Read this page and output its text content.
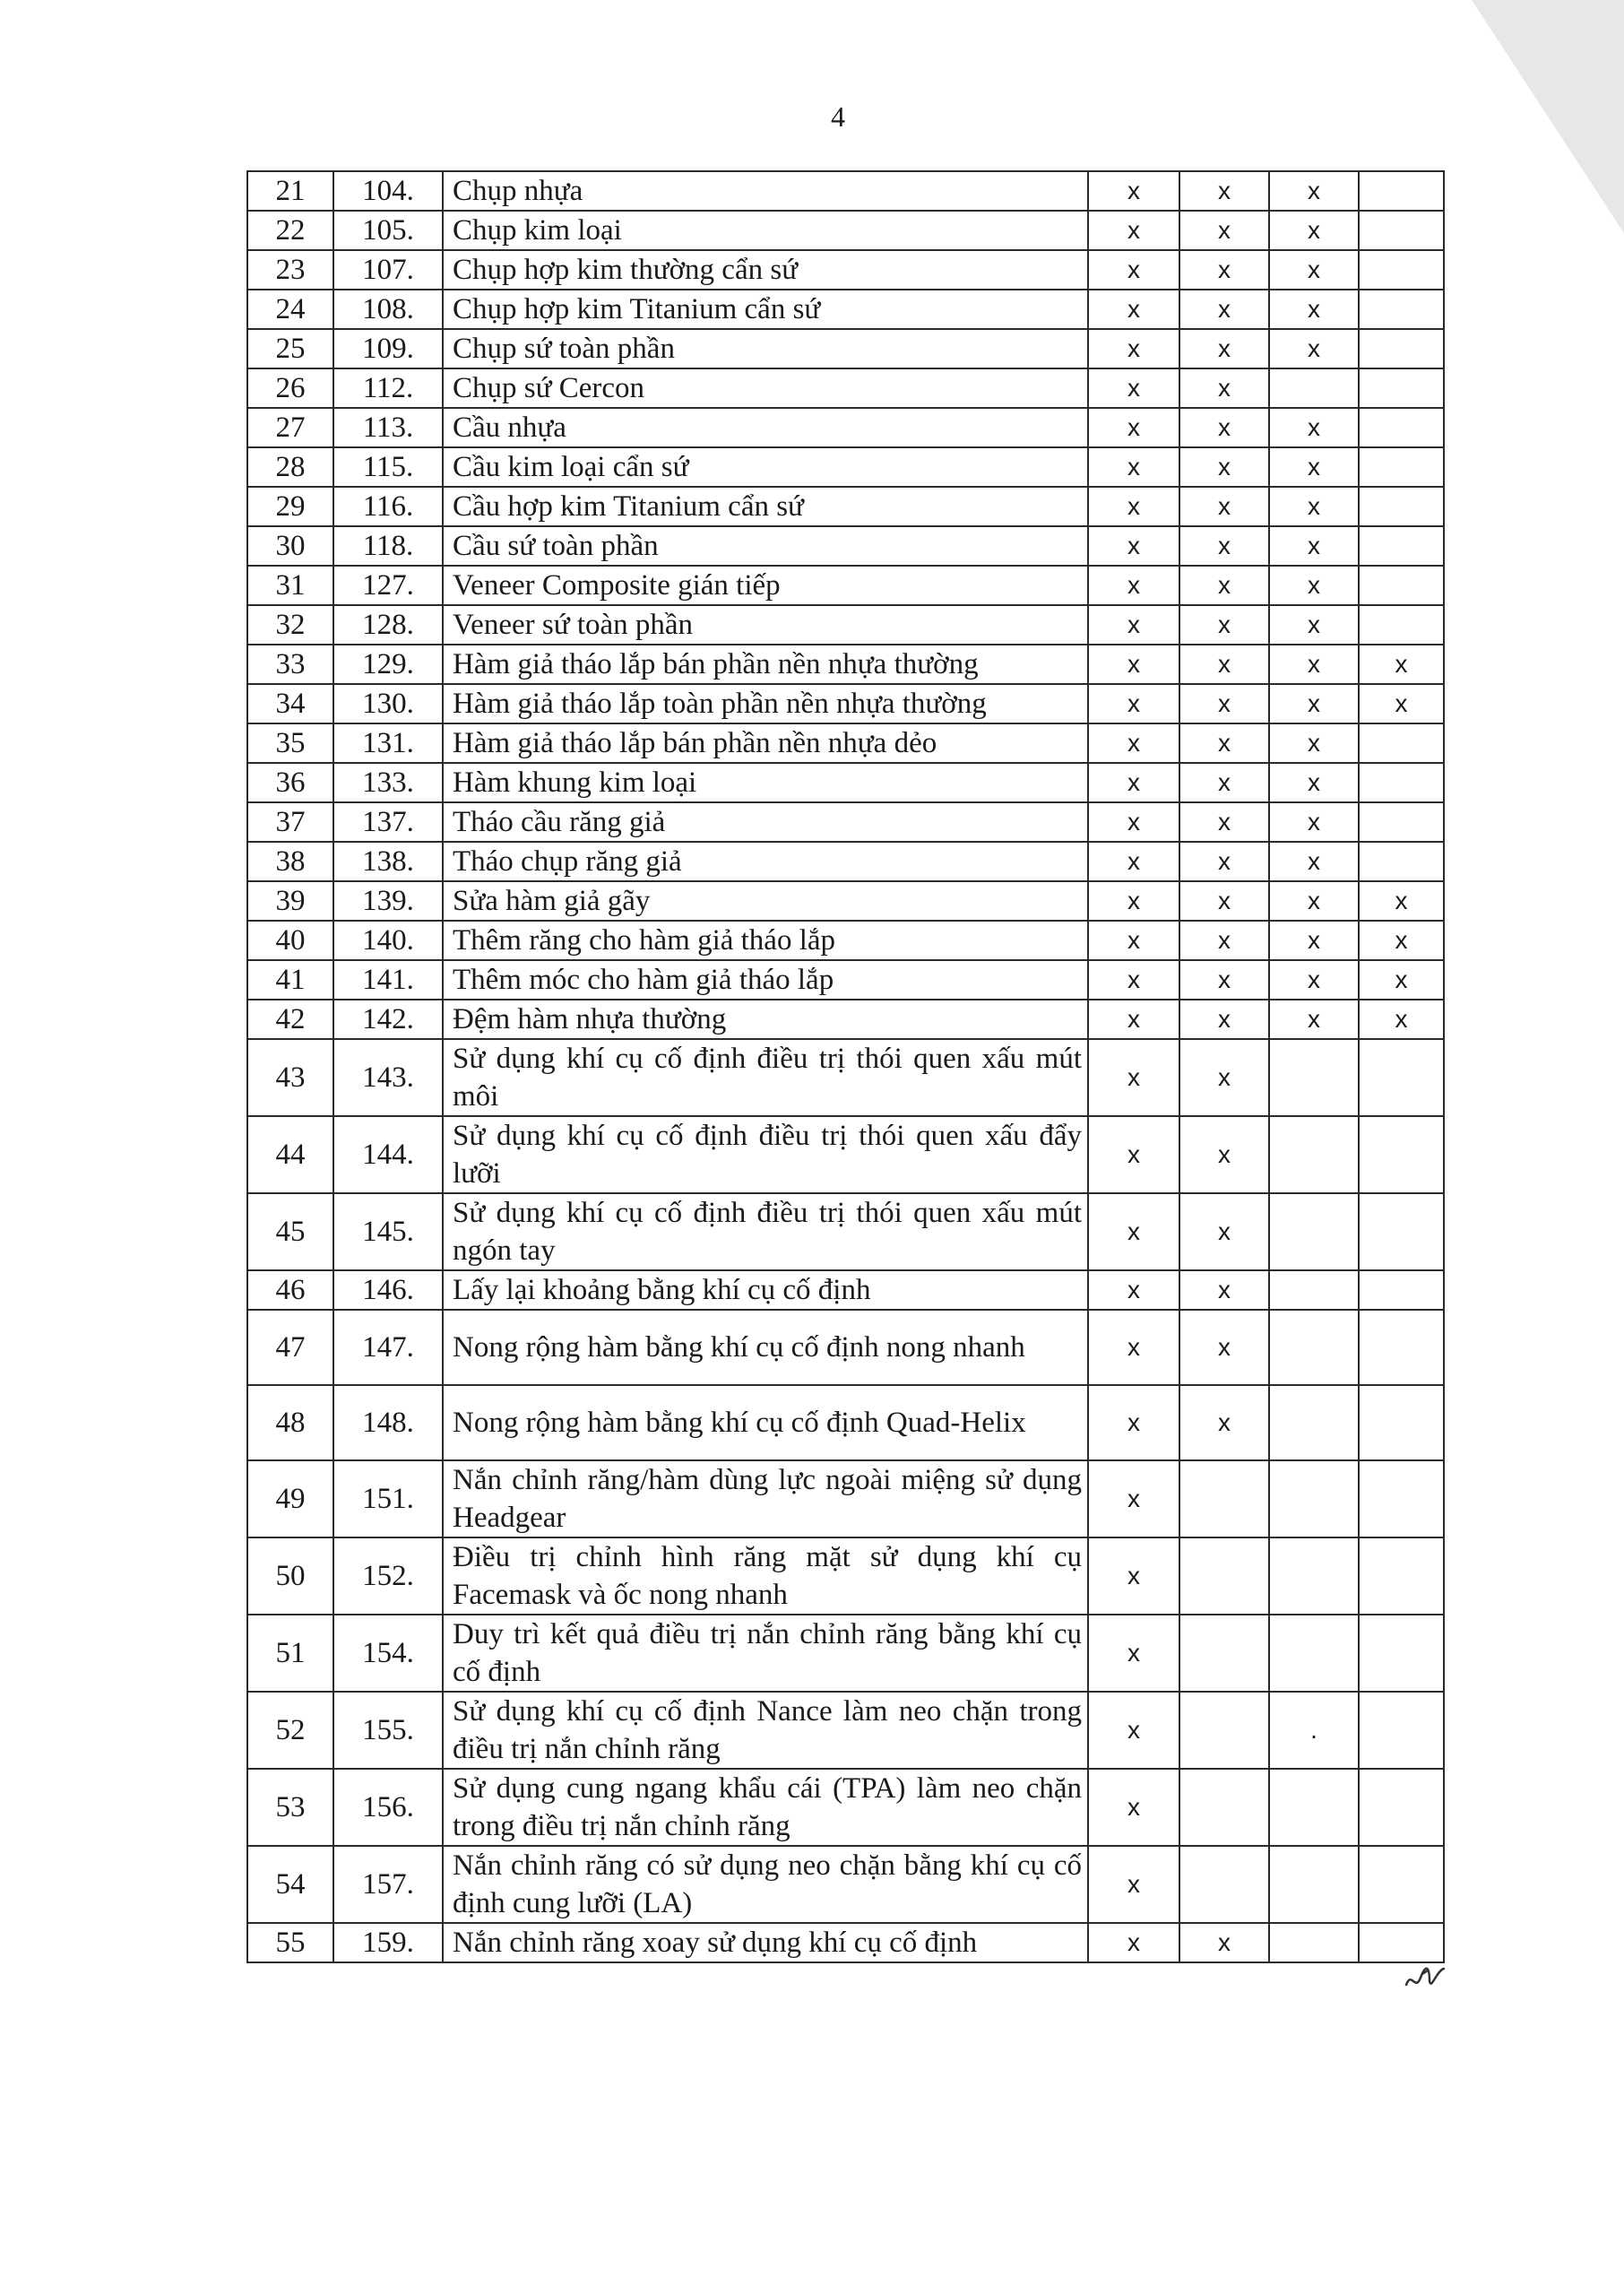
4
21	104.	Chụp nhựa	x	x	x	
22	105.	Chụp kim loại	x	x	x	
23	107.	Chụp hợp kim thường cẩn sứ	x	x	x	
24	108.	Chụp hợp kim Titanium cẩn sứ	x	x	x	
25	109.	Chụp sứ toàn phần	x	x	x	
26	112.	Chụp sứ Cercon	x	x		
27	113.	Cầu nhựa	x	x	x	
28	115.	Cầu kim loại cẩn sứ	x	x	x	
29	116.	Cầu hợp kim Titanium cẩn sứ	x	x	x	
30	118.	Cầu sứ toàn phần	x	x	x	
31	127.	Veneer Composite gián tiếp	x	x	x	
32	128.	Veneer sứ toàn phần	x	x	x	
33	129.	Hàm giả tháo lắp bán phần nền nhựa thường	x	x	x	x
34	130.	Hàm giả tháo lắp toàn phần nền nhựa thường	x	x	x	x
35	131.	Hàm giả tháo lắp bán phần nền nhựa dẻo	x	x	x	
36	133.	Hàm khung kim loại	x	x	x	
37	137.	Tháo cầu răng giả	x	x	x	
38	138.	Tháo chụp răng giả	x	x	x	
39	139.	Sửa hàm giả gãy	x	x	x	x
40	140.	Thêm răng cho hàm giả tháo lắp	x	x	x	x
41	141.	Thêm móc cho hàm giả tháo lắp	x	x	x	x
42	142.	Đệm hàm nhựa thường	x	x	x	x
43	143.	Sử dụng khí cụ cố định điều trị thói quen xấu mút môi	x	x		
44	144.	Sử dụng khí cụ cố định điều trị thói quen xấu đẩy lưỡi	x	x		
45	145.	Sử dụng khí cụ cố định điều trị thói quen xấu mút ngón tay	x	x		
46	146.	Lấy lại khoảng bằng khí cụ cố định	x	x		
47	147.	Nong rộng hàm bằng khí cụ cố định nong nhanh	x	x		
48	148.	Nong rộng hàm bằng khí cụ cố định Quad-Helix	x	x		
49	151.	Nắn chỉnh răng/hàm dùng lực ngoài miệng sử dụng Headgear	x			
50	152.	Điều trị chỉnh hình răng mặt sử dụng khí cụ Facemask và ốc nong nhanh	x			
51	154.	Duy trì kết quả điều trị nắn chỉnh răng bằng khí cụ cố định	x			
52	155.	Sử dụng khí cụ cố định Nance làm neo chặn trong điều trị nắn chỉnh răng	x		.	
53	156.	Sử dụng cung ngang khẩu cái (TPA) làm neo chặn trong điều trị nắn chỉnh răng	x			
54	157.	Nắn chỉnh răng có sử dụng neo chặn bằng khí cụ cố định cung lưỡi (LA)	x			
55	159.	Nắn chỉnh răng xoay sử dụng khí cụ cố định	x	x		
